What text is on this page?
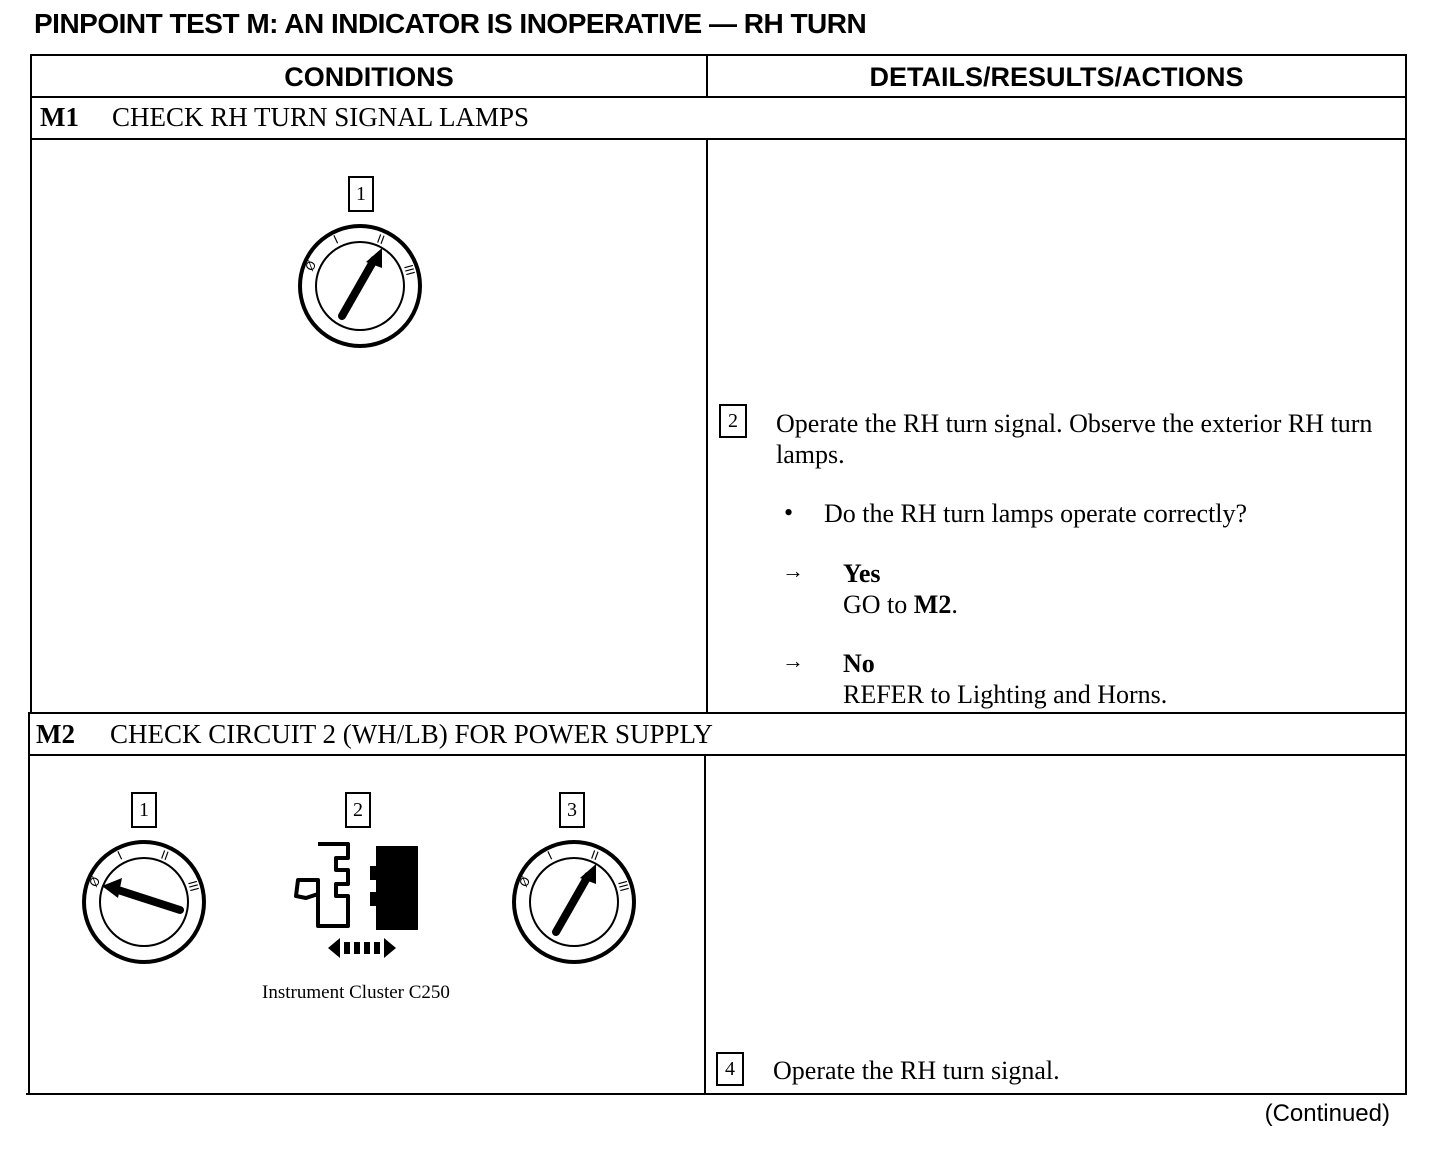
PINPOINT TEST M: AN INDICATOR IS INOPERATIVE — RH TURN
CONDITIONS	DETAILS/RESULTS/ACTIONS
M1 CHECK RH TURN SIGNAL LAMPS
1
Ø
I	II
III
2	Operate the RH turn signal. Observe the exterior RH turn lamps.
• Do the RH turn lamps operate correctly?
→ Yes
GO to M2.
→ No
REFER to Lighting and Horns.
M2 CHECK CIRCUIT 2 (WH/LB) FOR POWER SUPPLY
1
Ø
I	II
III
2
Instrument Cluster C250
3
Ø
I	II
III
4	Operate the RH turn signal.
(Continued)
